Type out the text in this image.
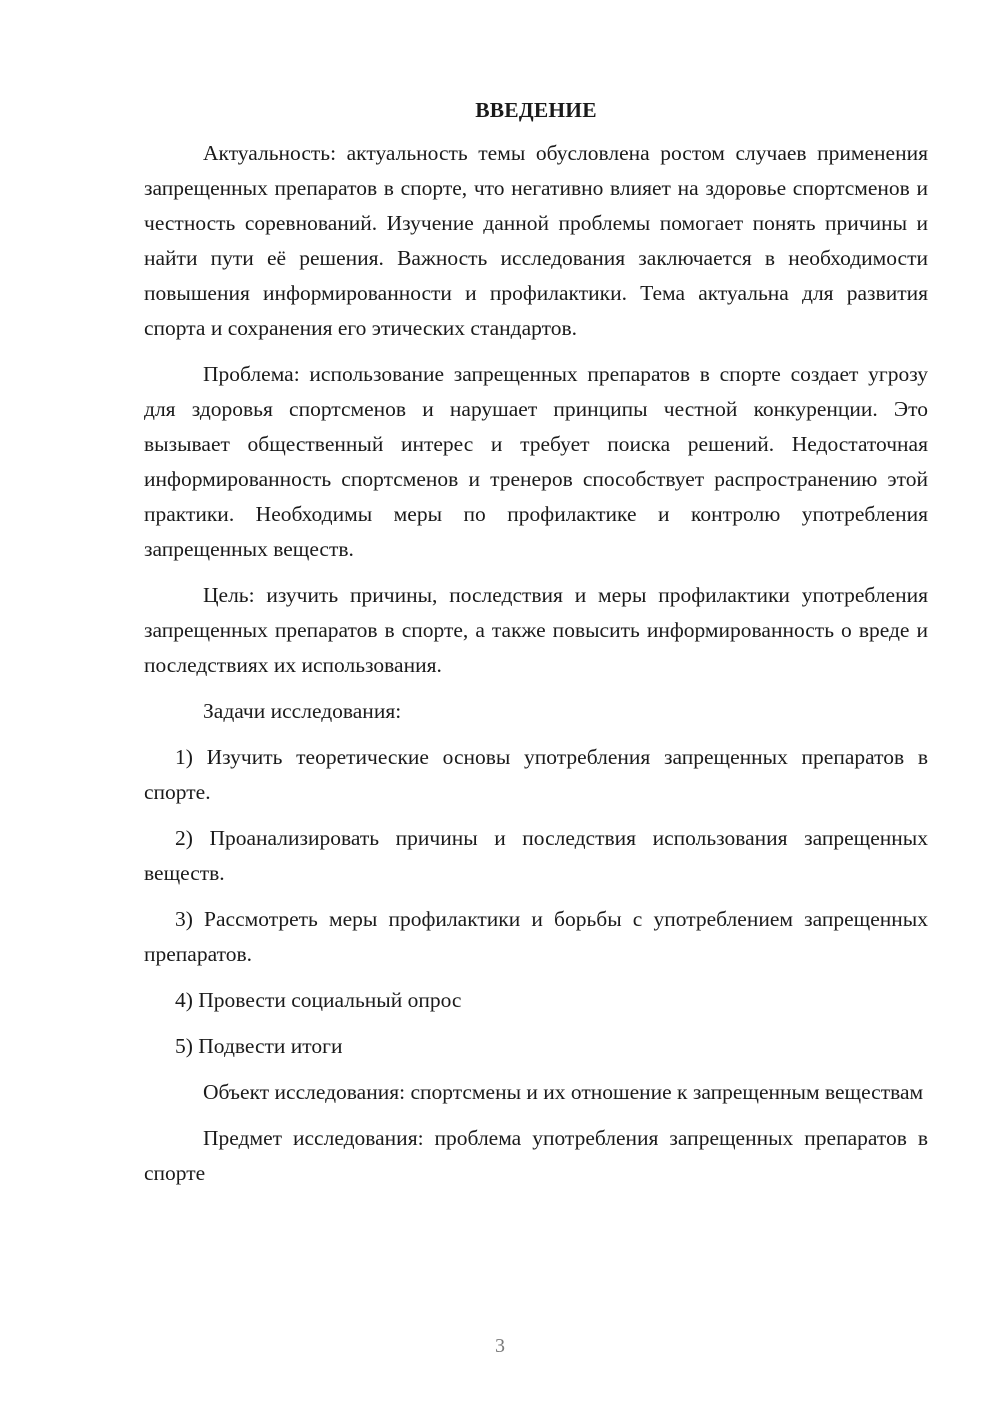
ВВЕДЕНИЕ

Актуальность: актуальность темы обусловлена ростом случаев применения запрещенных препаратов в спорте, что негативно влияет на здоровье спортсменов и честность соревнований. Изучение данной проблемы помогает понять причины и найти пути её решения. Важность исследования заключается в необходимости повышения информированности и профилактики. Тема актуальна для развития спорта и сохранения его этических стандартов.

Проблема: использование запрещенных препаратов в спорте создает угрозу для здоровья спортсменов и нарушает принципы честной конкуренции. Это вызывает общественный интерес и требует поиска решений. Недостаточная информированность спортсменов и тренеров способствует распространению этой практики. Необходимы меры по профилактике и контролю употребления запрещенных веществ.

Цель: изучить причины, последствия и меры профилактики употребления запрещенных препаратов в спорте, а также повысить информированность о вреде и последствиях их использования.

Задачи исследования:

1) Изучить теоретические основы употребления запрещенных препаратов в спорте.

2) Проанализировать причины и последствия использования запрещенных веществ.

3) Рассмотреть меры профилактики и борьбы с употреблением запрещенных препаратов.

4) Провести социальный опрос

5) Подвести итоги

Объект исследования: спортсмены и их отношение к запрещенным веществам

Предмет исследования: проблема употребления запрещенных препаратов в спорте

3
